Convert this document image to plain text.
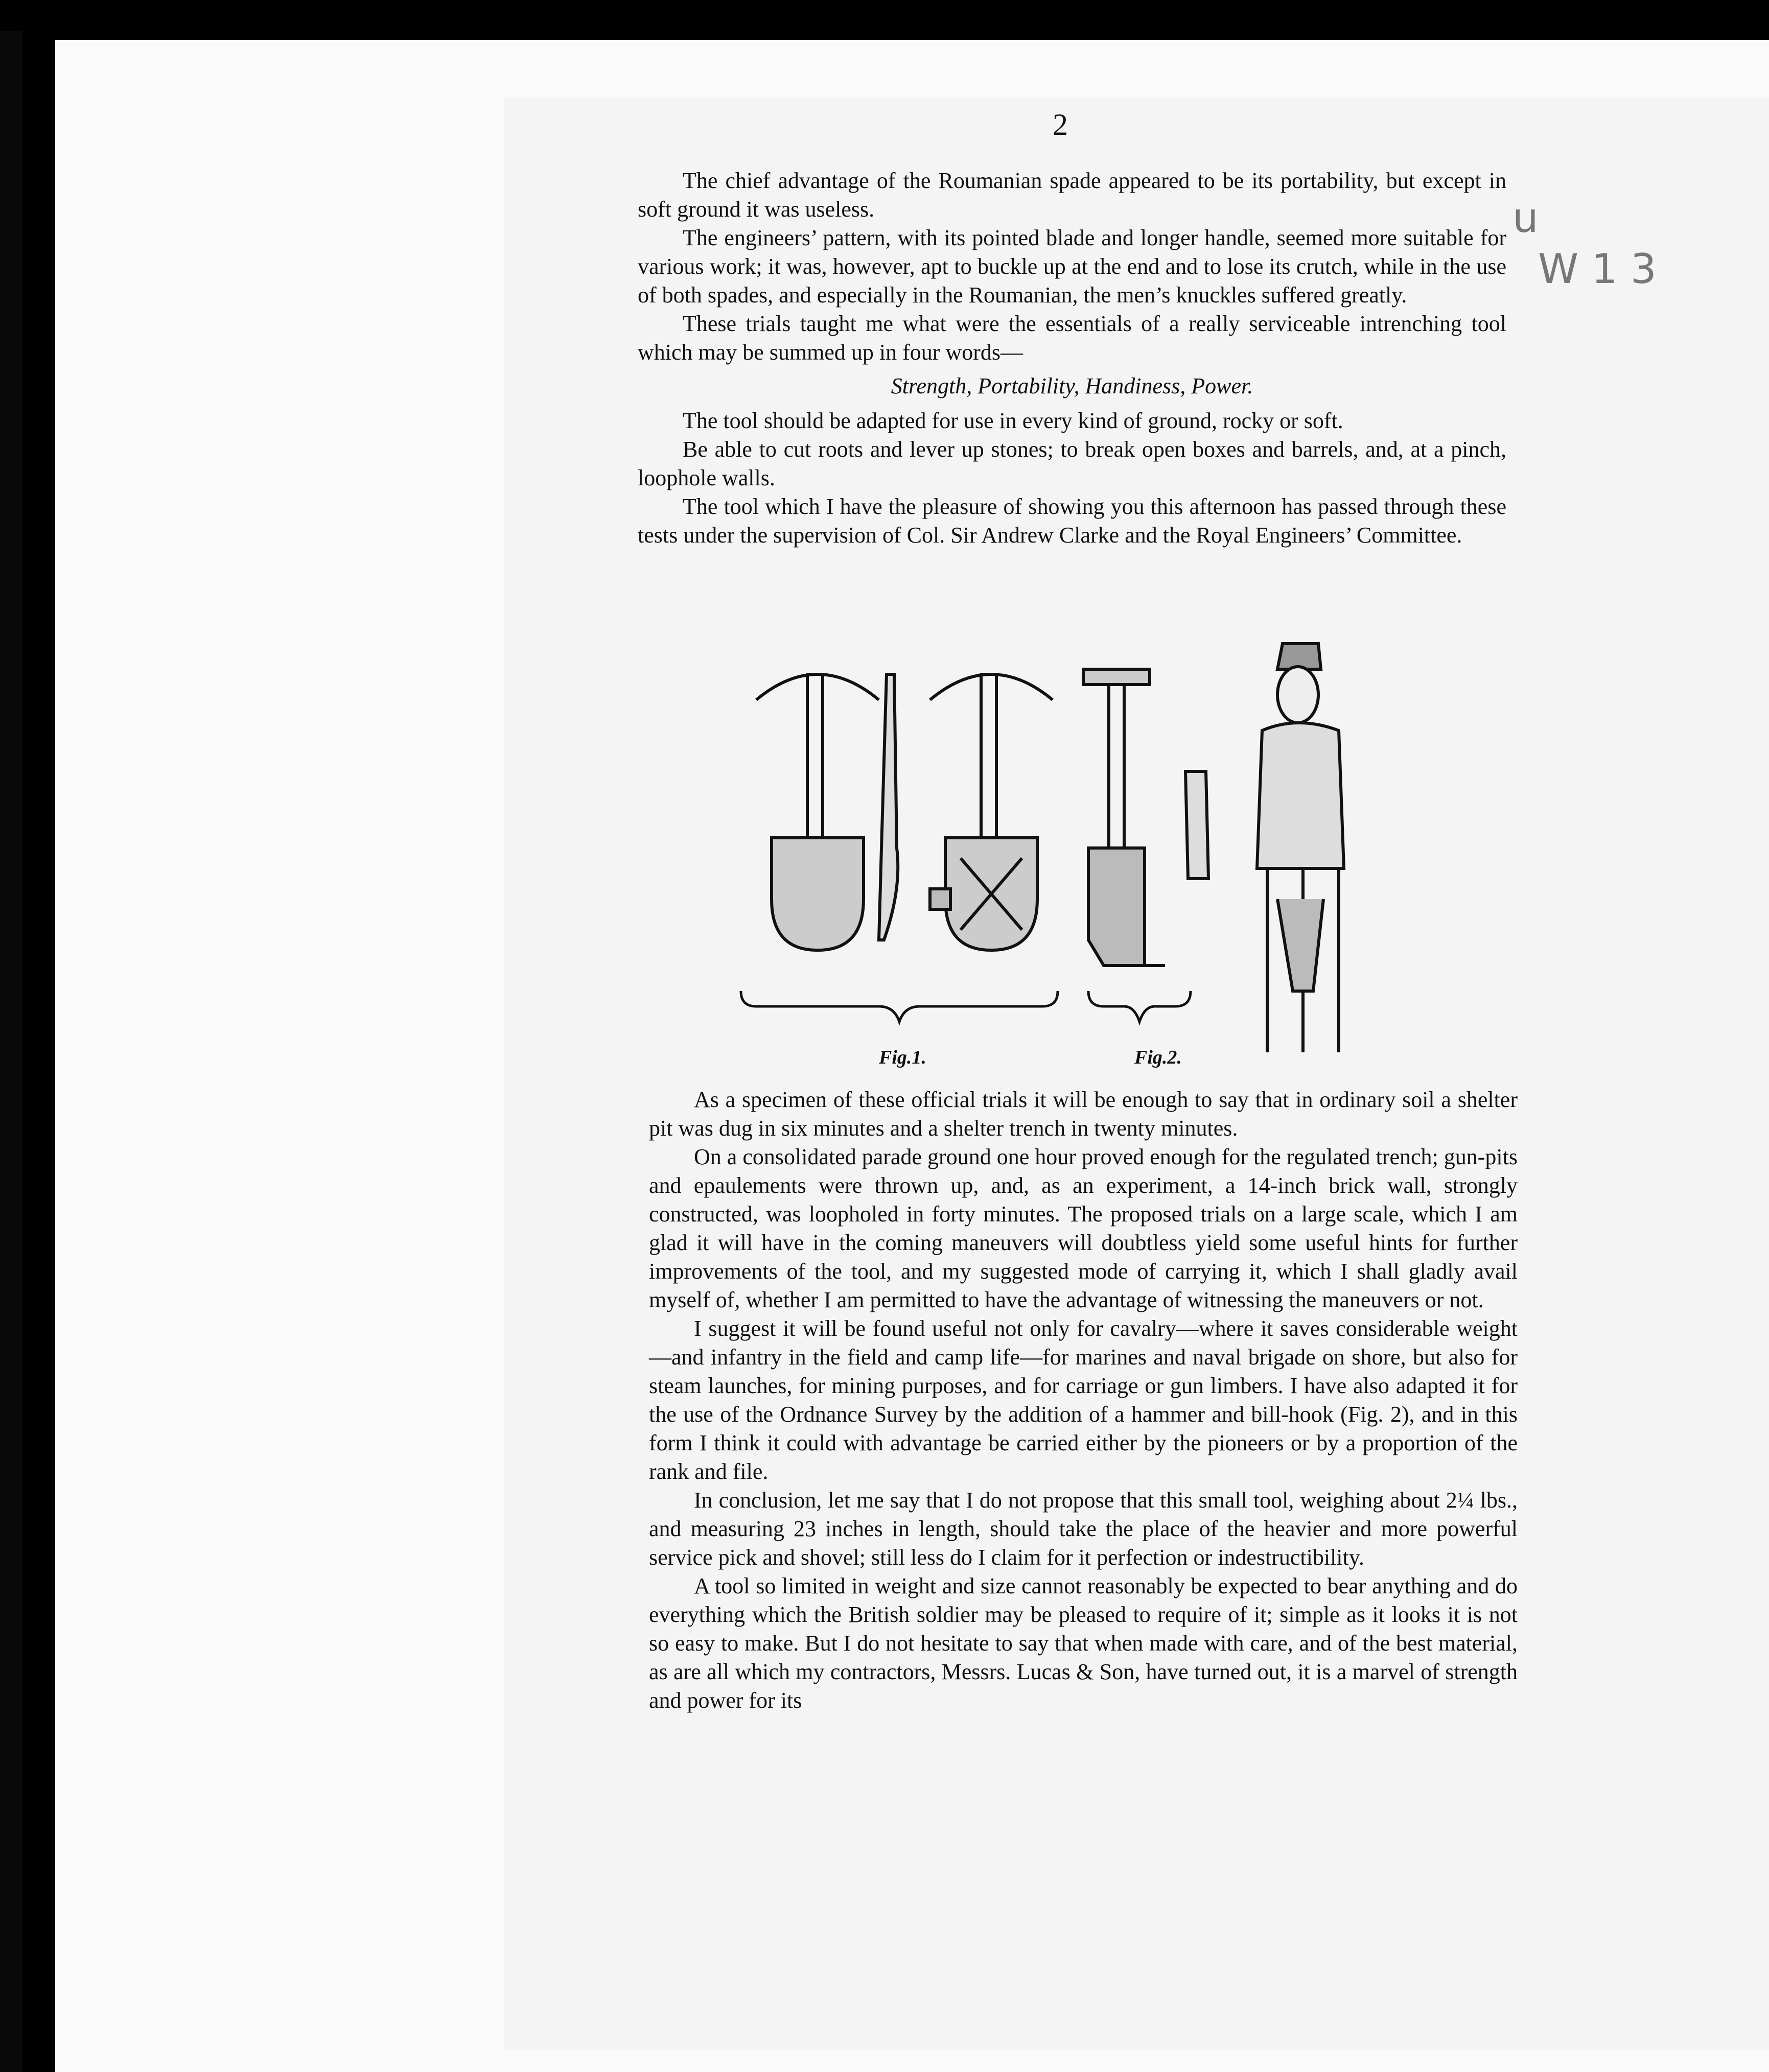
2
u
W 1 3

The chief advantage of the Roumanian spade appeared to be its portability, but except in soft ground it was useless.

The engineers’ pattern, with its pointed blade and longer handle, seemed more suitable for various work; it was, however, apt to buckle up at the end and to lose its crutch, while in the use of both spades, and especially in the Roumanian, the men’s knuckles suffered greatly.

These trials taught me what were the essentials of a really serviceable intrenching tool which may be summed up in four words—

Strength, Portability, Handiness, Power.

The tool should be adapted for use in every kind of ground, rocky or soft.

Be able to cut roots and lever up stones; to break open boxes and barrels, and, at a pinch, loophole walls.

The tool which I have the pleasure of showing you this afternoon has passed through these tests under the supervision of Col. Sir Andrew Clarke and the Royal Engineers’ Committee.

Fig.1.	Fig.2.

As a specimen of these official trials it will be enough to say that in ordinary soil a shelter pit was dug in six minutes and a shelter trench in twenty minutes.

On a consolidated parade ground one hour proved enough for the regulated trench; gun-pits and epaulements were thrown up, and, as an experiment, a 14-inch brick wall, strongly constructed, was loopholed in forty minutes. The proposed trials on a large scale, which I am glad it will have in the coming maneuvers will doubtless yield some useful hints for further improvements of the tool, and my suggested mode of carrying it, which I shall gladly avail myself of, whether I am permitted to have the advantage of witnessing the maneuvers or not.

I suggest it will be found useful not only for cavalry—where it saves considerable weight—and infantry in the field and camp life—for marines and naval brigade on shore, but also for steam launches, for mining purposes, and for carriage or gun limbers. I have also adapted it for the use of the Ordnance Survey by the addition of a hammer and bill-hook (Fig. 2), and in this form I think it could with advantage be carried either by the pioneers or by a proportion of the rank and file.

In conclusion, let me say that I do not propose that this small tool, weighing about 2¼ lbs., and measuring 23 inches in length, should take the place of the heavier and more powerful service pick and shovel; still less do I claim for it perfection or indestructibility.

A tool so limited in weight and size cannot reasonably be expected to bear anything and do everything which the British soldier may be pleased to require of it; simple as it looks it is not so easy to make. But I do not hesitate to say that when made with care, and of the best material, as are all which my contractors, Messrs. Lucas & Son, have turned out, it is a marvel of strength and power for its
